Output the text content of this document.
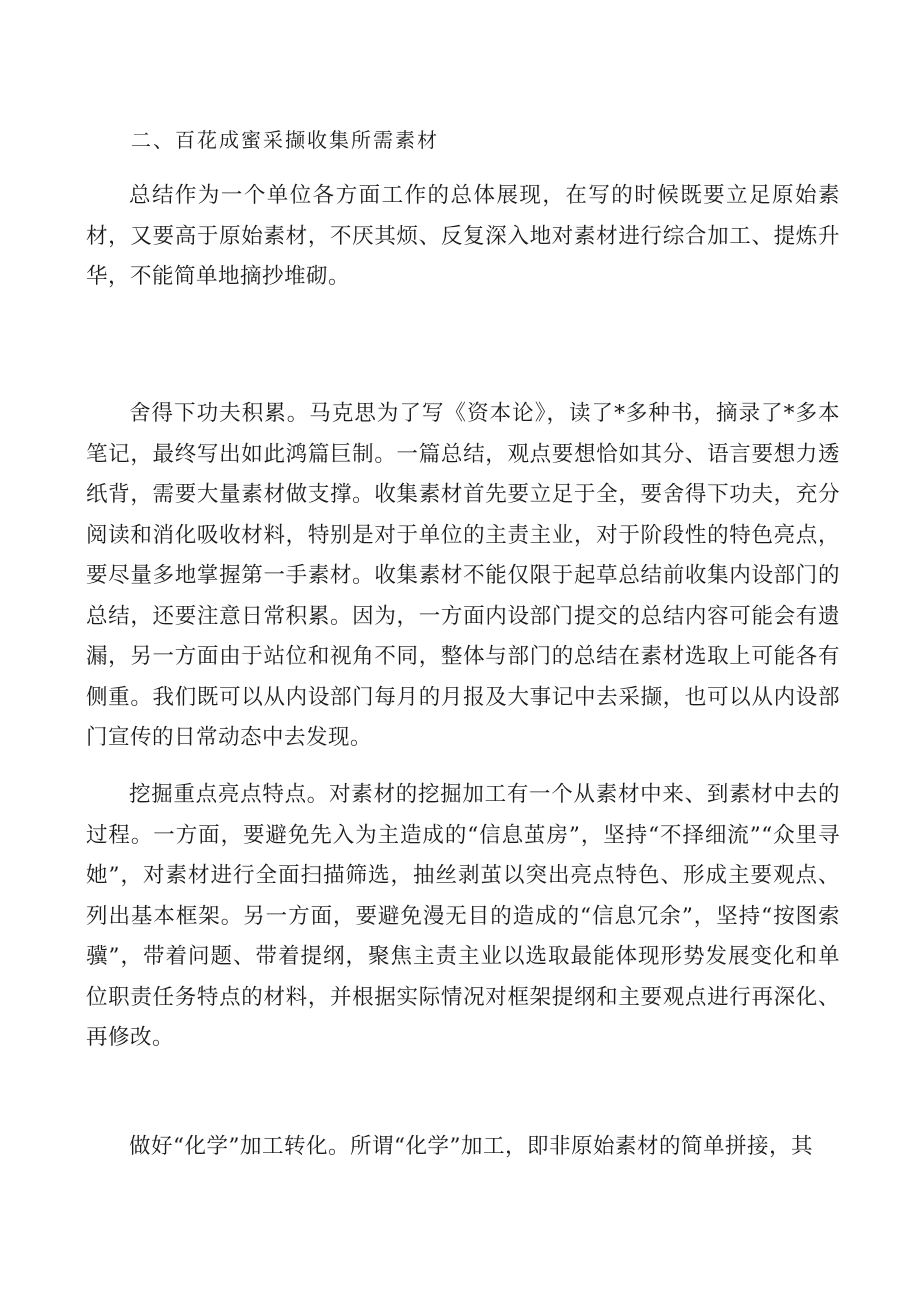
二、百花成蜜采撷收集所需素材

总结作为一个单位各方面工作的总体展现，在写的时候既要立足原始素材，又要高于原始素材，不厌其烦、反复深入地对素材进行综合加工、提炼升华，不能简单地摘抄堆砌。

舍得下功夫积累。马克思为了写《资本论》，读了*多种书，摘录了*多本笔记，最终写出如此鸿篇巨制。一篇总结，观点要想恰如其分、语言要想力透纸背，需要大量素材做支撑。收集素材首先要立足于全，要舍得下功夫，充分阅读和消化吸收材料，特别是对于单位的主责主业，对于阶段性的特色亮点，要尽量多地掌握第一手素材。收集素材不能仅限于起草总结前收集内设部门的总结，还要注意日常积累。因为，一方面内设部门提交的总结内容可能会有遗漏，另一方面由于站位和视角不同，整体与部门的总结在素材选取上可能各有侧重。我们既可以从内设部门每月的月报及大事记中去采撷，也可以从内设部门宣传的日常动态中去发现。

挖掘重点亮点特点。对素材的挖掘加工有一个从素材中来、到素材中去的过程。一方面，要避免先入为主造成的“信息茧房”，坚持“不择细流”“众里寻她”，对素材进行全面扫描筛选，抽丝剥茧以突出亮点特色、形成主要观点、列出基本框架。另一方面，要避免漫无目的造成的“信息冗余”，坚持“按图索骥”，带着问题、带着提纲，聚焦主责主业以选取最能体现形势发展变化和单位职责任务特点的材料，并根据实际情况对框架提纲和主要观点进行再深化、再修改。

做好“化学”加工转化。所谓“化学”加工，即非原始素材的简单拼接，其
